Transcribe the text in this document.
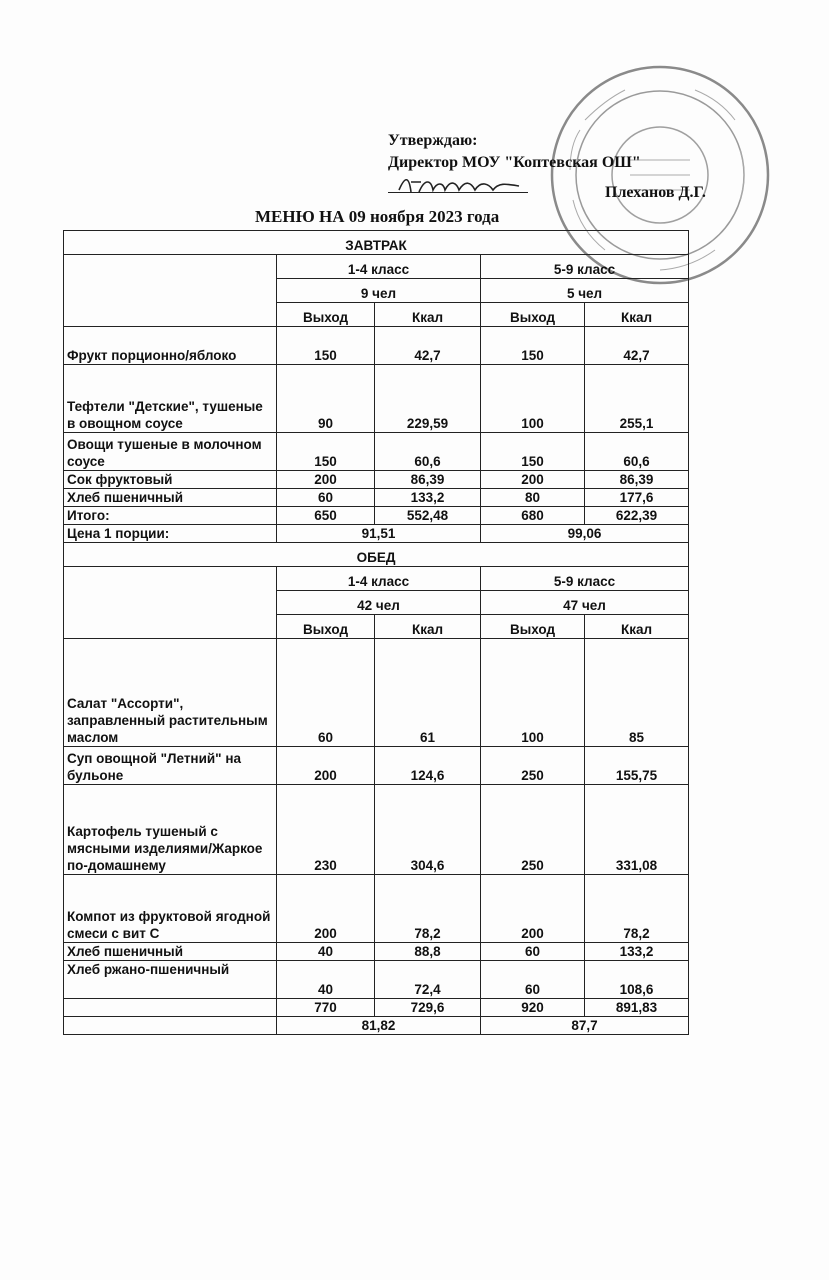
Утверждаю:
Директор МОУ "Коптевская ОШ"
Плеханов Д.Г.
МЕНЮ НА 09 ноября 2023 года
ЗАВТРАК				
	1-4 класс		5-9 класс	
	9 чел		5 чел	
	Выход	Ккал	Выход	Ккал
Фрукт порционно/яблоко	150	42,7	150	42,7
Тефтели "Детские", тушеные в овощном соусе	90	229,59	100	255,1
Овощи тушеные в молочном соусе	150	60,6	150	60,6
Сок фруктовый	200	86,39	200	86,39
Хлеб пшеничный	60	133,2	80	177,6
Итого:	650	552,48	680	622,39
Цена 1 порции:	91,51		99,06	
ОБЕД				
	1-4 класс		5-9 класс	
	42 чел		47 чел	
	Выход	Ккал	Выход	Ккал
Салат "Ассорти", заправленный растительным маслом	60	61	100	85
Суп овощной "Летний" на бульоне	200	124,6	250	155,75
Картофель тушеный с мясными изделиями/Жаркое по-домашнему	230	304,6	250	331,08
Компот из фруктовой ягодной смеси с вит С	200	78,2	200	78,2
Хлеб пшеничный	40	88,8	60	133,2
Хлеб ржано-пшеничный	40	72,4	60	108,6
	770	729,6	920	891,83
	81,82		87,7	
